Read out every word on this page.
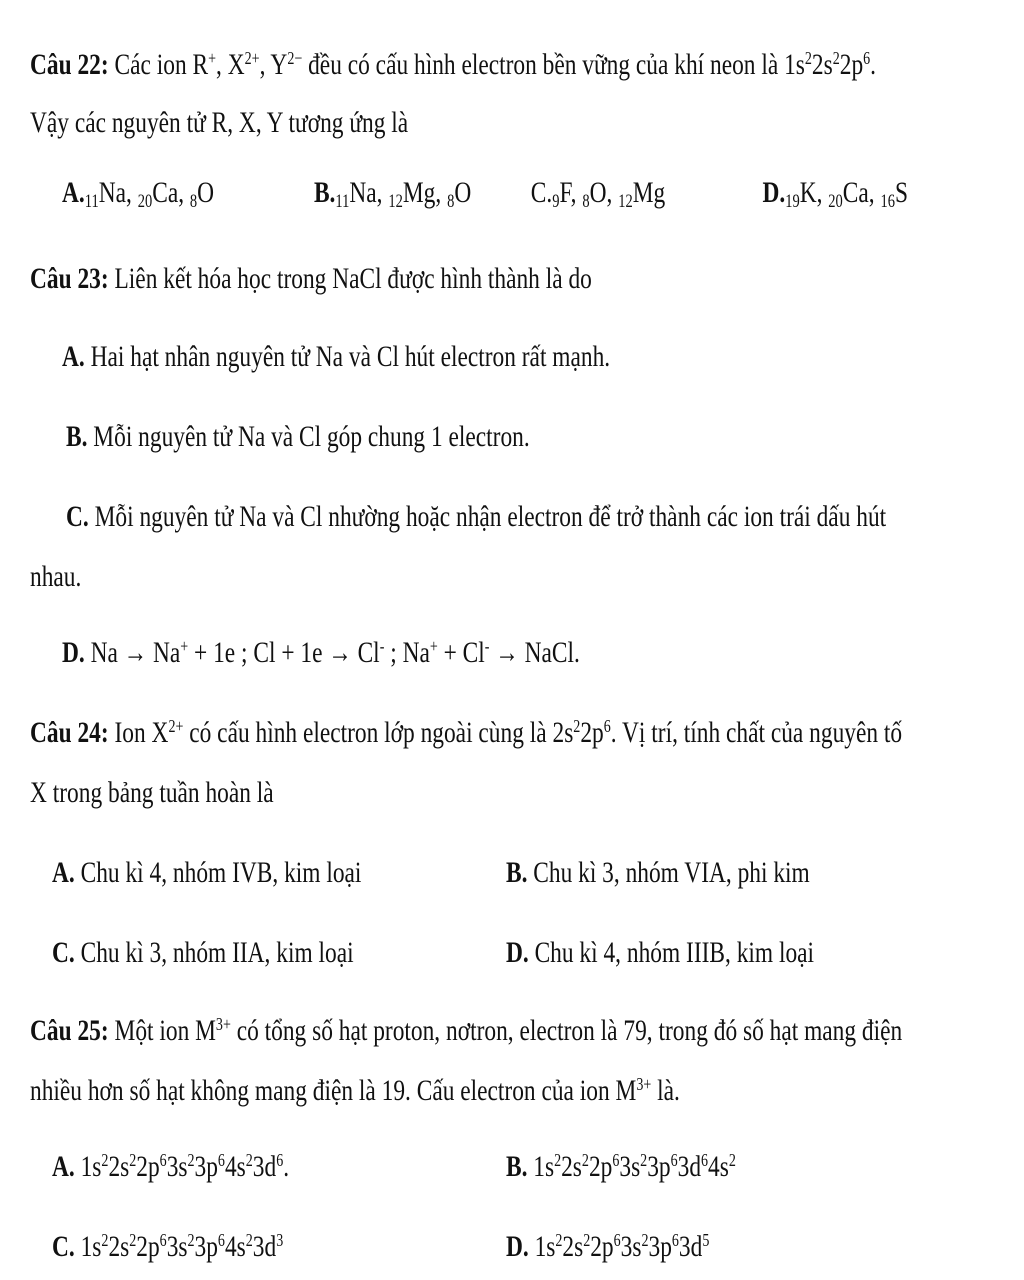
Câu 22: Các ion R+, $X^{2+}$, $Y^{2-}$ đều có cấu hình electron bền vững của khí neon là $1s^22s^22p^6$.
Vậy các nguyên tử R, X, Y tương ứng là
$A._{11}Na$, $_{20}$Ca, $_8$O	$B._{11}Na$, $_{12}$Mg, $_8$O $C._9F$, $_8$O, $_{12}$Mg	$D._{19}K$, $_{20}$Ca, $_{16}$S
Câu 23: Liên kết hóa học trong NaCl được hình thành là do
A. Hai hạt nhân nguyên tử Na và Cl hút electron rất mạnh.
B. Mỗi nguyên tử Na và Cl góp chung 1 electron.
C. Mỗi nguyên tử Na và Cl nhường hoặc nhận electron để trở thành các ion trái dấu hút
nhau.
D. Na → Na+ + 1e ; Cl + 1e → Cl- ; Na+ + Cl- → NaCl.
Câu 24: Ion $X^{2+}$ có cấu hình electron lớp ngoài cùng là $2s^22p^6$. Vị trí, tính chất của nguyên tố
X trong bảng tuần hoàn là
A. Chu kì 4, nhóm IVB, kim loại	B. Chu kì 3, nhóm VIA, phi kim
C. Chu kì 3, nhóm IIA, kim loại	D. Chu kì 4, nhóm IIIB, kim loại
Câu 25: Một ion $M^{3+}$ có tổng số hạt proton, nơtron, electron là 79, trong đó số hạt mang điện
nhiều hơn số hạt không mang điện là 19. Cấu electron của ion $M^{3+}$ là.
A. $1s^22s^22p^63s^23p^64s^23d^6$.	B. $1s^22s^22p^63s^23p^63d^64s^2$
C. $1s^22s^22p^63s^23p^64s^23d^3$	D. $1s^22s^22p^63s^23p^63d^5$
